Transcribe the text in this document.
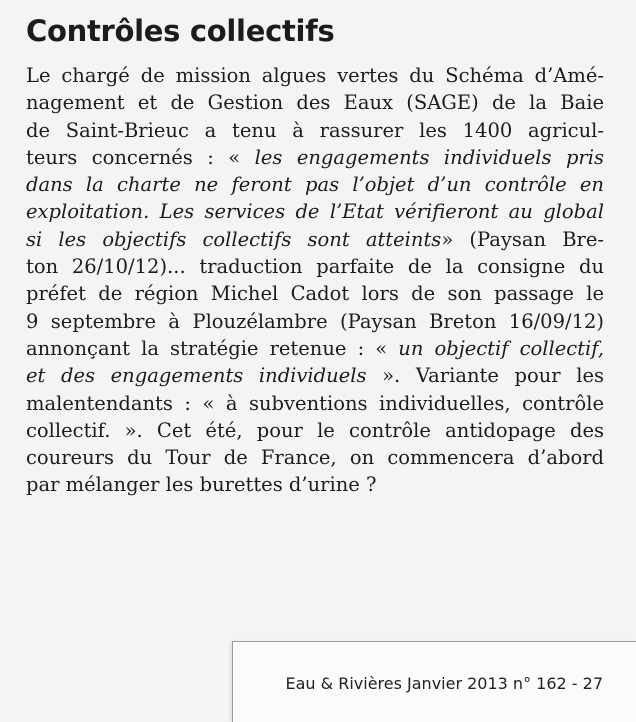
Contrôles collectifs
Le chargé de mission algues vertes du Schéma d’Amé-
nagement et de Gestion des Eaux (SAGE) de la Baie
de Saint-Brieuc a tenu à rassurer les 1400 agricul-
teurs concernés : « les engagements individuels pris
dans la charte ne feront pas l’objet d’un contrôle en
exploitation. Les services de l’Etat vérifieront au global
si les objectifs collectifs sont atteints» (Paysan Bre-
ton 26/10/12)... traduction parfaite de la consigne du
préfet de région Michel Cadot lors de son passage le
9 septembre à Plouzélambre (Paysan Breton 16/09/12)
annonçant la stratégie retenue : « un objectif collectif,
et des engagements individuels ». Variante pour les
malentendants : « à subventions individuelles, contrôle
collectif. ». Cet été, pour le contrôle antidopage des
coureurs du Tour de France, on commencera d’abord
par mélanger les burettes d’urine ?
Eau & Rivières Janvier 2013 n° 162 - 27
